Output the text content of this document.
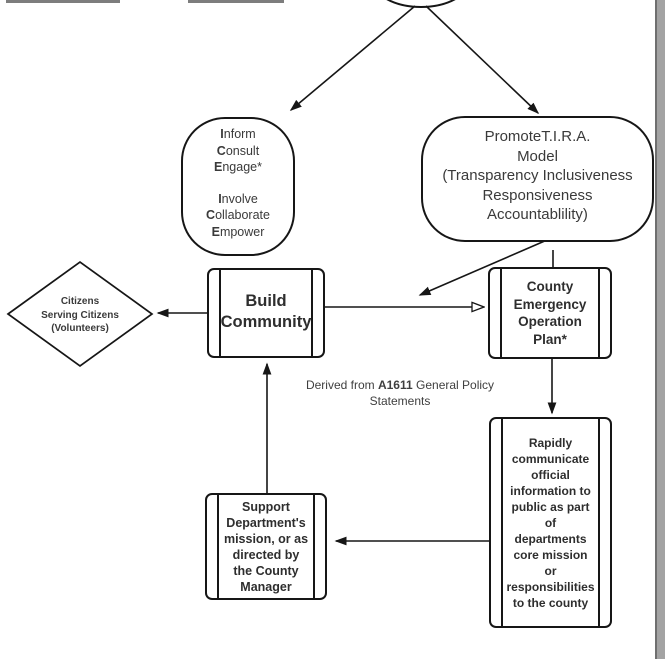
Inform
Consult
Engage*
Involve
Collaborate
Empower
PromoteT.I.R.A.
Model
(Transparency Inclusiveness
Responsiveness
Accountablility)
Citizens
Serving Citizens
(Volunteers)
Build
Community
County
Emergency
Operation
Plan*
Rapidly
communicate
official
information to
public as part
of
departments
core mission
or
responsibilities
to the county
Support
Department's
mission, or as
directed by
the County
Manager
Derived from A1611 General Policy Statements
